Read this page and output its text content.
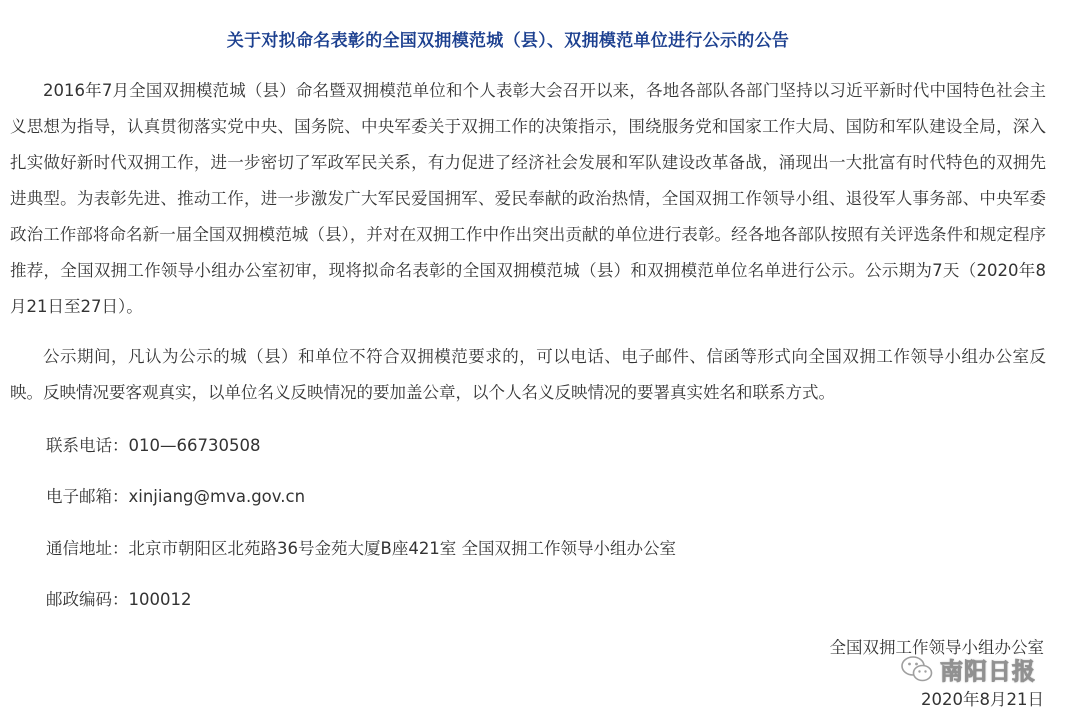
关于对拟命名表彰的全国双拥模范城（县）、双拥模范单位进行公示的公告

2016年7月全国双拥模范城（县）命名暨双拥模范单位和个人表彰大会召开以来，各地各部队各部门坚持以习近平新时代中国特色社会主义思想为指导，认真贯彻落实党中央、国务院、中央军委关于双拥工作的决策指示，围绕服务党和国家工作大局、国防和军队建设全局，深入扎实做好新时代双拥工作，进一步密切了军政军民关系，有力促进了经济社会发展和军队建设改革备战，涌现出一大批富有时代特色的双拥先进典型。为表彰先进、推动工作，进一步激发广大军民爱国拥军、爱民奉献的政治热情，全国双拥工作领导小组、退役军人事务部、中央军委政治工作部将命名新一届全国双拥模范城（县），并对在双拥工作中作出突出贡献的单位进行表彰。经各地各部队按照有关评选条件和规定程序推荐，全国双拥工作领导小组办公室初审，现将拟命名表彰的全国双拥模范城（县）和双拥模范单位名单进行公示。公示期为7天（2020年8月21日至27日）。

公示期间，凡认为公示的城（县）和单位不符合双拥模范要求的，可以电话、电子邮件、信函等形式向全国双拥工作领导小组办公室反映。反映情况要客观真实，以单位名义反映情况的要加盖公章，以个人名义反映情况的要署真实姓名和联系方式。

联系电话：010—66730508
电子邮箱：xinjiang@mva.gov.cn
通信地址：北京市朝阳区北苑路36号金苑大厦B座421室 全国双拥工作领导小组办公室
邮政编码：100012
全国双拥工作领导小组办公室
2020年8月21日
南阳日报
